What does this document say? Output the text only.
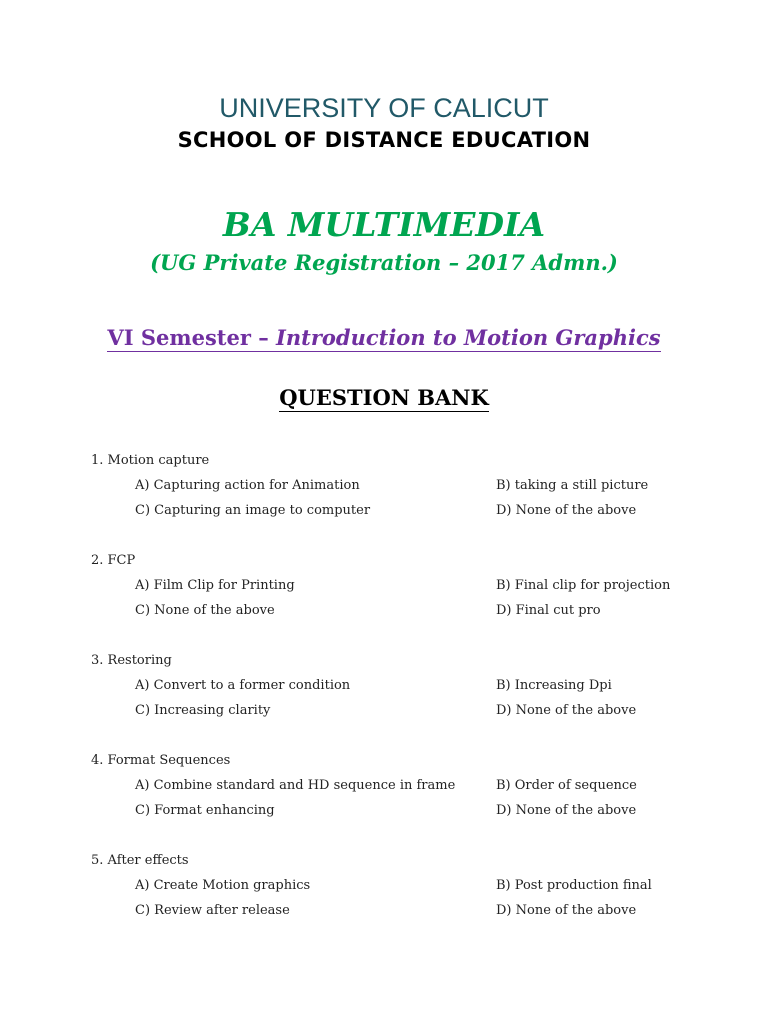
UNIVERSITY OF CALICUT
SCHOOL OF DISTANCE EDUCATION
BA MULTIMEDIA
(UG Private Registration – 2017 Admn.)
VI Semester – Introduction to Motion Graphics
QUESTION BANK
1. Motion capture
A) Capturing action for Animation	B) taking a still picture
C) Capturing an image to computer	D) None of the above
2. FCP
A) Film Clip for Printing	B) Final clip for projection
C) None of the above	D) Final cut pro
3. Restoring
A) Convert to a former condition	B) Increasing Dpi
C) Increasing clarity	D) None of the above
4. Format Sequences
A) Combine standard and HD sequence in frame	B) Order of sequence
C) Format enhancing	D) None of the above
5. After effects
A) Create Motion graphics	B) Post production final
C) Review after release	D) None of the above
